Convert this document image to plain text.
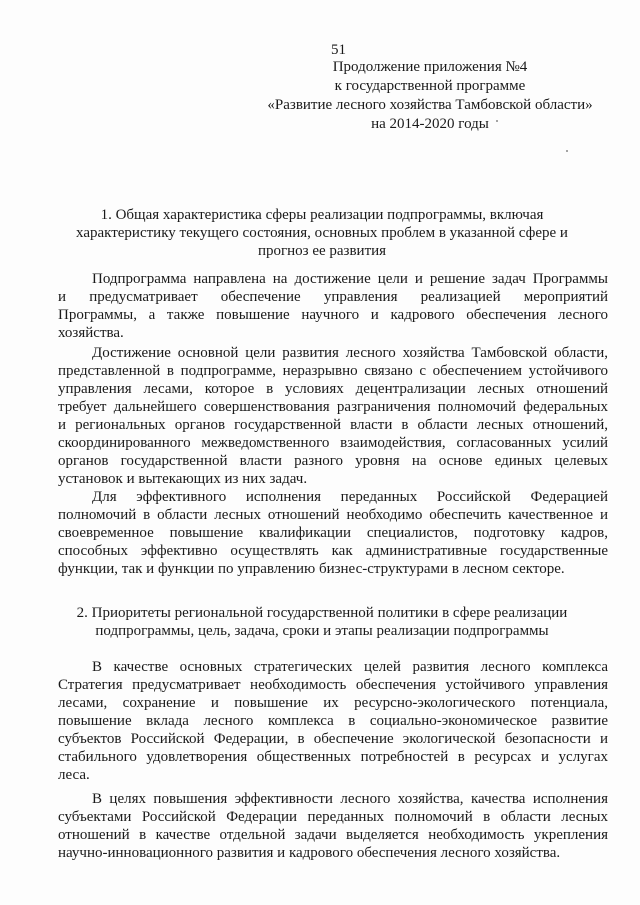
51
Продолжение приложения №4
к государственной программе
«Развитие лесного хозяйства Тамбовской области»
на 2014-2020 годы
1. Общая характеристика сферы реализации подпрограммы, включая
характеристику текущего состояния, основных проблем в указанной сфере и
прогноз ее развития
Подпрограмма направлена на достижение цели и решение задач Программы
и предусматривает обеспечение управления реализацией мероприятий
Программы, а также повышение научного и кадрового обеспечения лесного
хозяйства.
Достижение основной цели развития лесного хозяйства Тамбовской области,
представленной в подпрограмме, неразрывно связано с обеспечением устойчивого
управления лесами, которое в условиях децентрализации лесных отношений
требует дальнейшего совершенствования разграничения полномочий федеральных
и региональных органов государственной власти в области лесных отношений,
скоординированного межведомственного взаимодействия, согласованных усилий
органов государственной власти разного уровня на основе единых целевых
установок и вытекающих из них задач.
Для эффективного исполнения переданных Российской Федерацией
полномочий в области лесных отношений необходимо обеспечить качественное и
своевременное повышение квалификации специалистов, подготовку кадров,
способных эффективно осуществлять как административные государственные
функции, так и функции по управлению бизнес-структурами в лесном секторе.
2. Приоритеты региональной государственной политики в сфере реализации
подпрограммы, цель, задача, сроки и этапы реализации подпрограммы
В качестве основных стратегических целей развития лесного комплекса
Стратегия предусматривает необходимость обеспечения устойчивого управления
лесами, сохранение и повышение их ресурсно-экологического потенциала,
повышение вклада лесного комплекса в социально-экономическое развитие
субъектов Российской Федерации, в обеспечение экологической безопасности и
стабильного удовлетворения общественных потребностей в ресурсах и услугах
леса.
В целях повышения эффективности лесного хозяйства, качества исполнения
субъектами Российской Федерации переданных полномочий в области лесных
отношений в качестве отдельной задачи выделяется необходимость укрепления
научно-инновационного развития и кадрового обеспечения лесного хозяйства.
